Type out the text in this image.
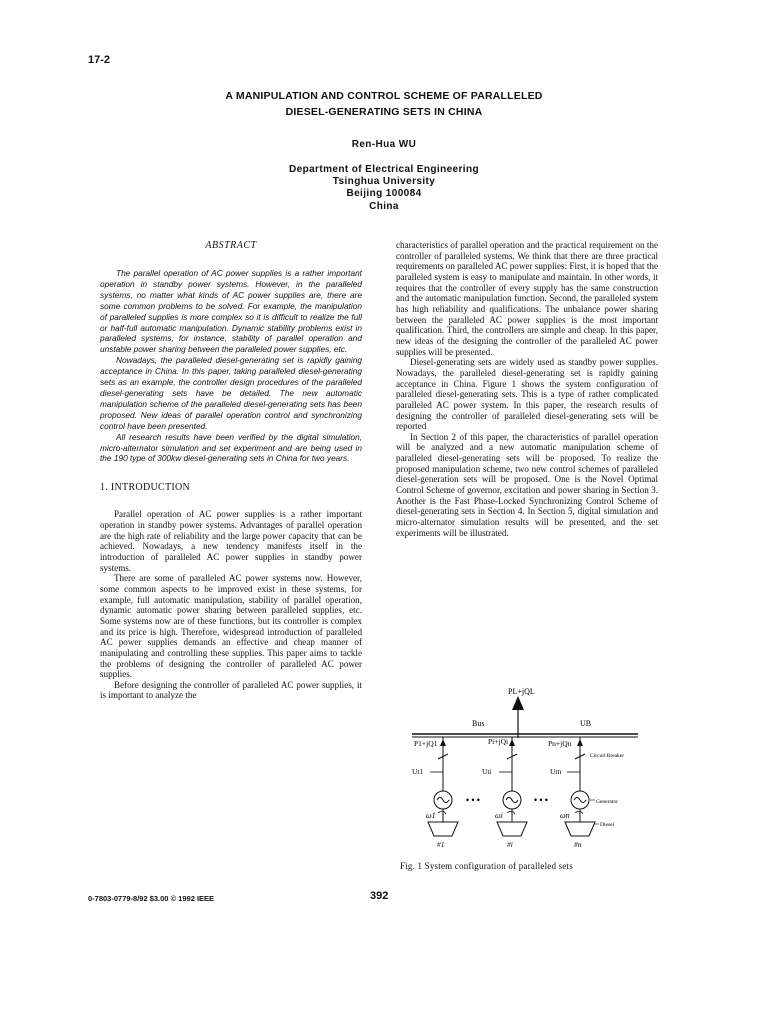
17-2
A MANIPULATION AND CONTROL SCHEME OF PARALLELED
DIESEL-GENERATING SETS IN CHINA
Ren-Hua WU
Department of Electrical Engineering
Tsinghua University
Beijing 100084
China
ABSTRACT

The parallel operation of AC power supplies is a rather important operation in standby power systems. However, in the paralleled systems, no matter what kinds of AC power supplies are, there are some common problems to be solved. For example, the manipulation of paralleled supplies is more complex so it is difficult to realize the full or half-full automatic manipulation. Dynamic stability problems exist in paralleled systems, for instance, stability of parallel operation and unstable power sharing between the paralleled power supplies, etc.

Nowadays, the paralleled diesel-generating set is rapidly gaining acceptance in China. In this paper, taking paralleled diesel-generating sets as an example, the controller design procedures of the paralleled diesel-generating sets have be detailed. The new automatic manipulation scheme of the paralleled diesel-generating sets has been proposed. New ideas of parallel operation control and synchronizing control have been presented.

All research results have been verified by the digital simulation, micro-alternator simulation and set experiment and are being used in the 190 type of 300kw diesel-generating sets in China for two years.

1. INTRODUCTION

Parallel operation of AC power supplies is a rather important operation in standby power systems. Advantages of parallel operation are the high rate of reliability and the large power capacity that can be achieved. Nowadays, a new tendency manifests itself in the introduction of paralleled AC power supplies in standby power systems.

There are some of paralleled AC power systems now. However, some common aspects to be improved exist in these systems, for example, full automatic manipulation, stability of parallel operation, dynamic automatic power sharing between paralleled supplies, etc. Some systems now are of these functions, but its controller is complex and its price is high. Therefore, widespread introduction of paralleled AC power supplies demands an effective and cheap manner of manipulating and controlling these supplies. This paper aims to tackle the problems of designing the controller of paralleled AC power supplies.

Before designing the controller of paralleled AC power supplies, it is important to analyze the

characteristics of parallel operation and the practical requirement on the controller of paralleled systems. We think that there are three practical requirements on paralleled AC power supplies: First, it is hoped that the paralleled system is easy to manipulate and maintain. In other words, it requires that the controller of every supply has the same construction and the automatic manipulation function. Second, the paralleled system has high reliability and qualifications. The unbalance power sharing between the paralleled AC power supplies is the most important qualification. Third, the controllers are simple and cheap. In this paper, new ideas of the designing the controller of the paralleled AC power supplies will be presented.

Diesel-generating sets are widely used as standby power supplies. Nowadays, the paralleled diesel-generating set is rapidly gaining acceptance in China. Figure 1 shows the system configuration of paralleled diesel-generating sets. This is a type of rather complicated paralleled AC power system. In this paper, the research results of designing the controller of paralleled diesel-generating sets will be reported

In Section 2 of this paper, the characteristics of parallel operation will be analyzed and a new automatic manipulation scheme of paralleled diesel-generating sets will be proposed. To realize the proposed manipulation scheme, two new control schemes of paralleled diesel-generation sets will be proposed. One is the Novel Optimal Control Scheme of governor, excitation and power sharing in Section 3. Another is the Fast Phase-Locked Synchronizing Control Scheme of diesel-generating sets in Section 4. In Section 5, digital simulation and micro-alternator simulation results will be presented, and the set experiments will be illustrated.

PL+jQL
Bus	UB
P1+jQ1	Pi+jQi	Pn+jQn
Circuit Breaker
Ut1	Uti	Utn
Generator
• • •	• • •
ω1	ωi	ωn
Diesel
#1	#i	#n
Fig. 1 System configuration of paralleled sets
0-7803-0779-8/92 $3.00 © 1992 IEEE	392
